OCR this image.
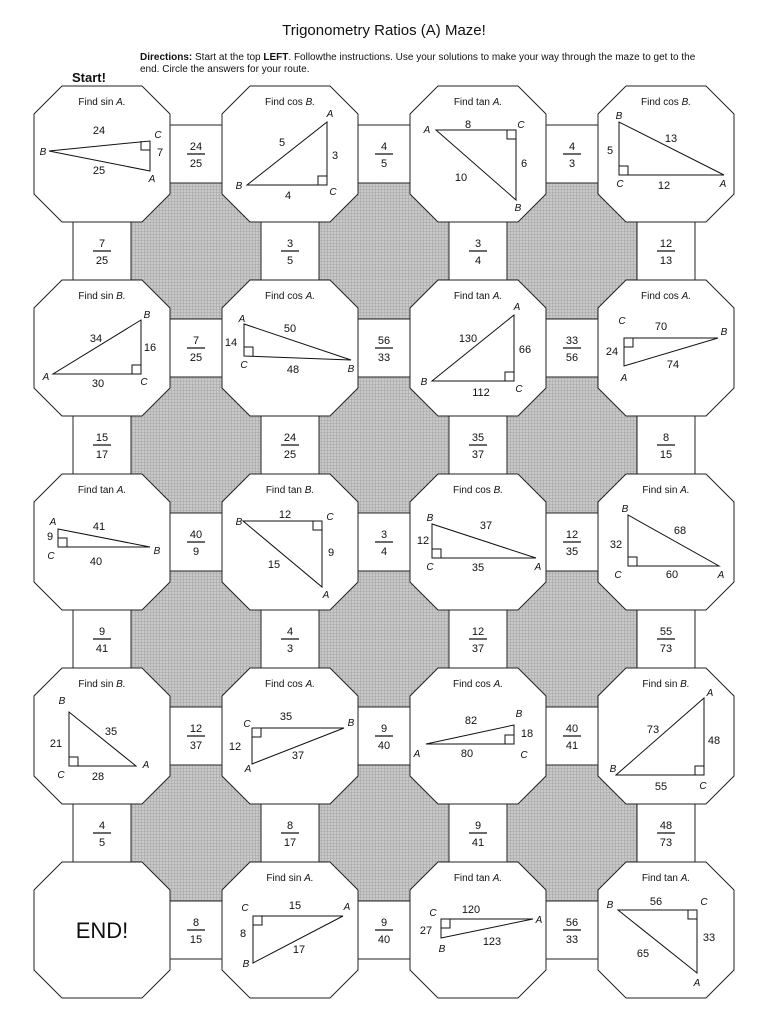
Trigonometry Ratios (A) Maze!
Directions: Start at the top LEFT. Followthe instructions. Use your solutions to make your way through the maze to get to the end. Circle the answers for your route.
Start!
24
25
4
5
4
3
7
25
56
33
33
56
40
9
3
4
12
35
12
37
9
40
40
41
8
15
9
40
56
33
7
25
3
5
3
4
12
13
15
17
24
25
35
37
8
15
9
41
4
3
12
37
55
73
4
5
8
17
9
41
48
73
Find sin A.
24
7
25
B
C
A
Find cos B.
5
3
4
A
B
C
Find tan A.
8
6
10
A	C
B
Find cos B.
13
5
12
B
C	A
Find sin B.
34
16
30
B
A	C
Find cos A.
50
14
48
A
C	B
Find tan A.
130
66
112
A
B
C
Find cos A.
70
24
74
C
B
A
Find tan A.
41
9
40
A
C	B
Find tan B.
12
9
15
B	C
A
Find cos B.
37
12
35
B
C	A
Find sin A.
68
32
60
B
C	A
Find sin B.
35
21
28
B
C
A
Find cos A.
35
12
37
C	B
A
Find cos A.
82
18
80
B
A	C
Find sin B.
73
48
55
A
B
C
END!
Find sin A.
15
8
17
C	A
B
Find tan A.
120
27
123
C
A
B
Find tan A.
56
33
65
B	C
A
